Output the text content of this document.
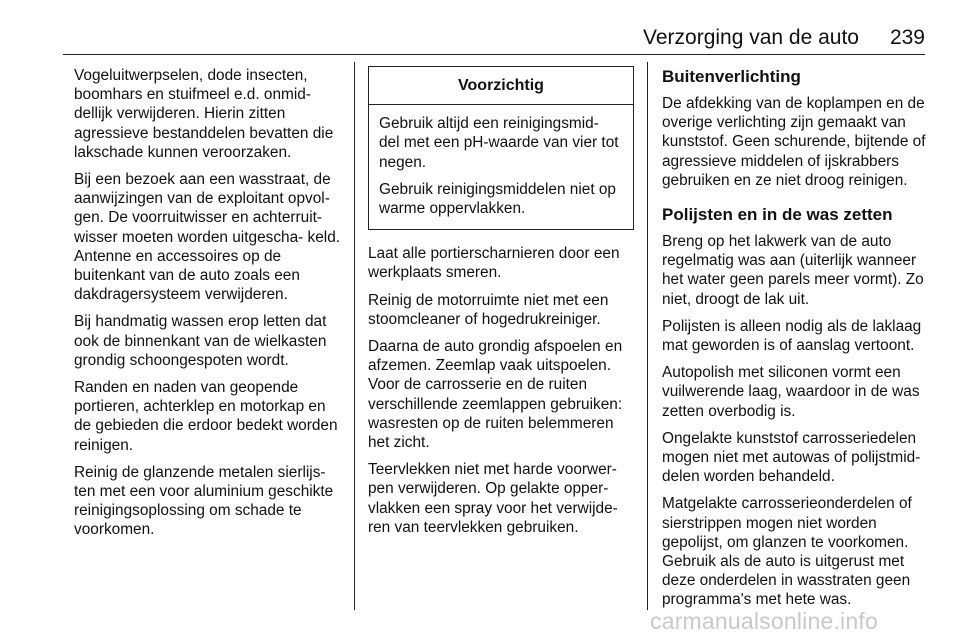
Verzorging van de auto 239

Vogeluitwerpselen, dode insecten, boomhars en stuifmeel e.d. onmid- dellijk verwijderen. Hierin zitten agressieve bestanddelen bevatten die lakschade kunnen veroorzaken.

Bij een bezoek aan een wasstraat, de aanwijzingen van de exploitant opvol- gen. De voorruitwisser en achterruit- wisser moeten worden uitgescha- keld. Antenne en accessoires op de buitenkant van de auto zoals een dakdragersysteem verwijderen.

Bij handmatig wassen erop letten dat ook de binnenkant van de wielkasten grondig schoongespoten wordt.

Randen en naden van geopende portieren, achterklep en motorkap en de gebieden die erdoor bedekt worden reinigen.

Reinig de glanzende metalen sierlijs- ten met een voor aluminium geschikte reinigingsoplossing om schade te voorkomen.

Voorzichtig

Gebruik altijd een reinigingsmid- del met een pH-waarde van vier tot negen.

Gebruik reinigingsmiddelen niet op warme oppervlakken.

Laat alle portierscharnieren door een werkplaats smeren.

Reinig de motorruimte niet met een stoomcleaner of hogedrukreiniger.

Daarna de auto grondig afspoelen en afzemen. Zeemlap vaak uitspoelen. Voor de carrosserie en de ruiten verschillende zeemlappen gebruiken: wasresten op de ruiten belemmeren het zicht.

Teervlekken niet met harde voorwer- pen verwijderen. Op gelakte opper- vlakken een spray voor het verwijde- ren van teervlekken gebruiken.

Buitenverlichting

De afdekking van de koplampen en de overige verlichting zijn gemaakt van kunststof. Geen schurende, bijtende of agressieve middelen of ijskrabbers gebruiken en ze niet droog reinigen.

Polijsten en in de was zetten

Breng op het lakwerk van de auto regelmatig was aan (uiterlijk wanneer het water geen parels meer vormt). Zo niet, droogt de lak uit.

Polijsten is alleen nodig als de laklaag mat geworden is of aanslag vertoont.

Autopolish met siliconen vormt een vuilwerende laag, waardoor in de was zetten overbodig is.

Ongelakte kunststof carrosseriedelen mogen niet met autowas of polijstmid- delen worden behandeld.

Matgelakte carrosserieonderdelen of sierstrippen mogen niet worden gepolijst, om glanzen te voorkomen. Gebruik als de auto is uitgerust met deze onderdelen in wasstraten geen programma's met hete was.

carmanualsonline.info
